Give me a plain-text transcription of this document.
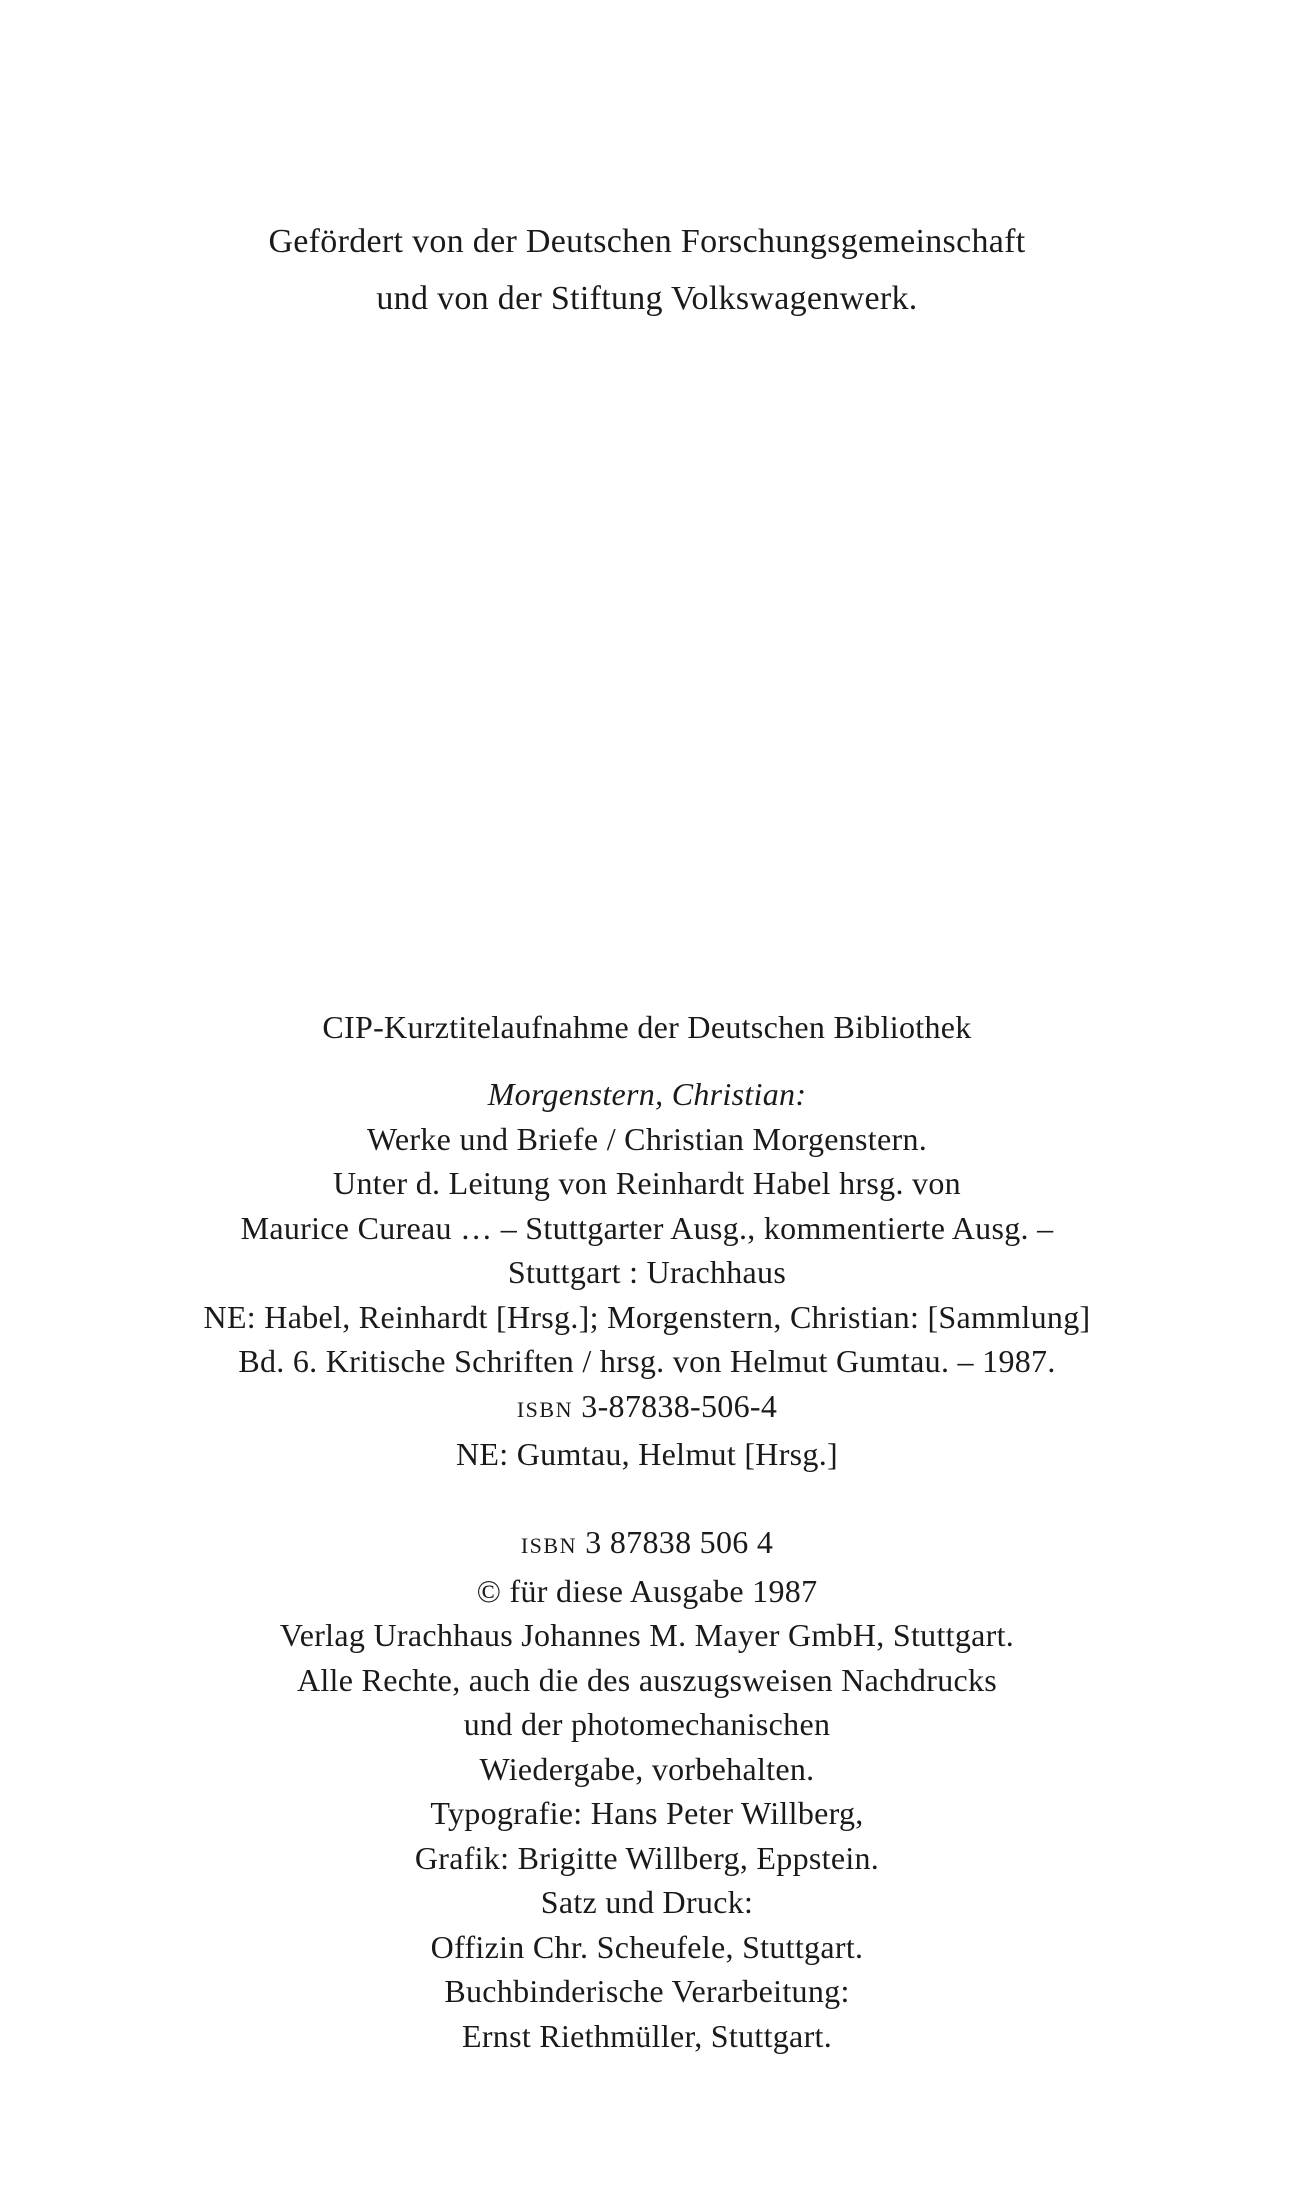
Gefördert von der Deutschen Forschungsgemeinschaft
und von der Stiftung Volkswagenwerk.
CIP-Kurztitelaufnahme der Deutschen Bibliothek
Morgenstern, Christian:
Werke und Briefe / Christian Morgenstern.
Unter d. Leitung von Reinhardt Habel hrsg. von
Maurice Cureau … – Stuttgarter Ausg., kommentierte Ausg. –
Stuttgart : Urachhaus
NE: Habel, Reinhardt [Hrsg.]; Morgenstern, Christian: [Sammlung]
Bd. 6. Kritische Schriften / hrsg. von Helmut Gumtau. – 1987.
ISBN 3-87838-506-4
NE: Gumtau, Helmut [Hrsg.]
ISBN 3 87838 506 4
© für diese Ausgabe 1987
Verlag Urachhaus Johannes M. Mayer GmbH, Stuttgart.
Alle Rechte, auch die des auszugsweisen Nachdrucks
und der photomechanischen
Wiedergabe, vorbehalten.
Typografie: Hans Peter Willberg,
Grafik: Brigitte Willberg, Eppstein.
Satz und Druck:
Offizin Chr. Scheufele, Stuttgart.
Buchbinderische Verarbeitung:
Ernst Riethmüller, Stuttgart.
